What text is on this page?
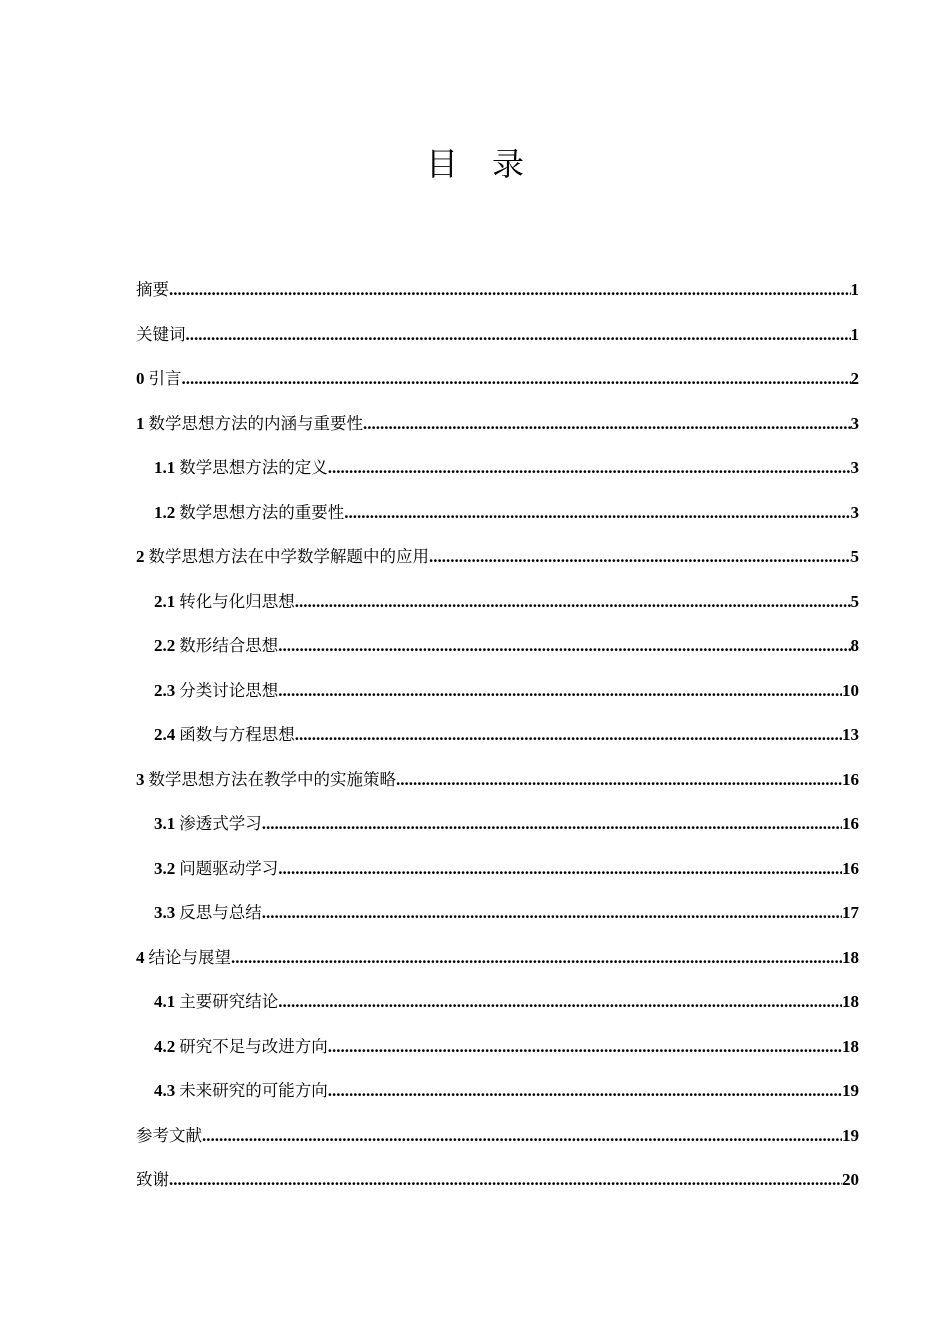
目录
摘要 .....	1
关键词 .....	1
0 引言 .....	2
1 数学思想方法的内涵与重要性 .....	3
1.1 数学思想方法的定义 .....	3
1.2 数学思想方法的重要性 .....	3
2 数学思想方法在中学数学解题中的应用 .....	5
2.1 转化与化归思想 .....	5
2.2 数形结合思想 .....	8
2.3 分类讨论思想 .....	10
2.4 函数与方程思想 .....	13
3 数学思想方法在教学中的实施策略 .....	16
3.1 渗透式学习 .....	16
3.2 问题驱动学习 .....	16
3.3 反思与总结 .....	17
4 结论与展望 .....	18
4.1 主要研究结论 .....	18
4.2 研究不足与改进方向 .....	18
4.3 未来研究的可能方向 .....	19
参考文献 .....	19
致谢 .....	20
